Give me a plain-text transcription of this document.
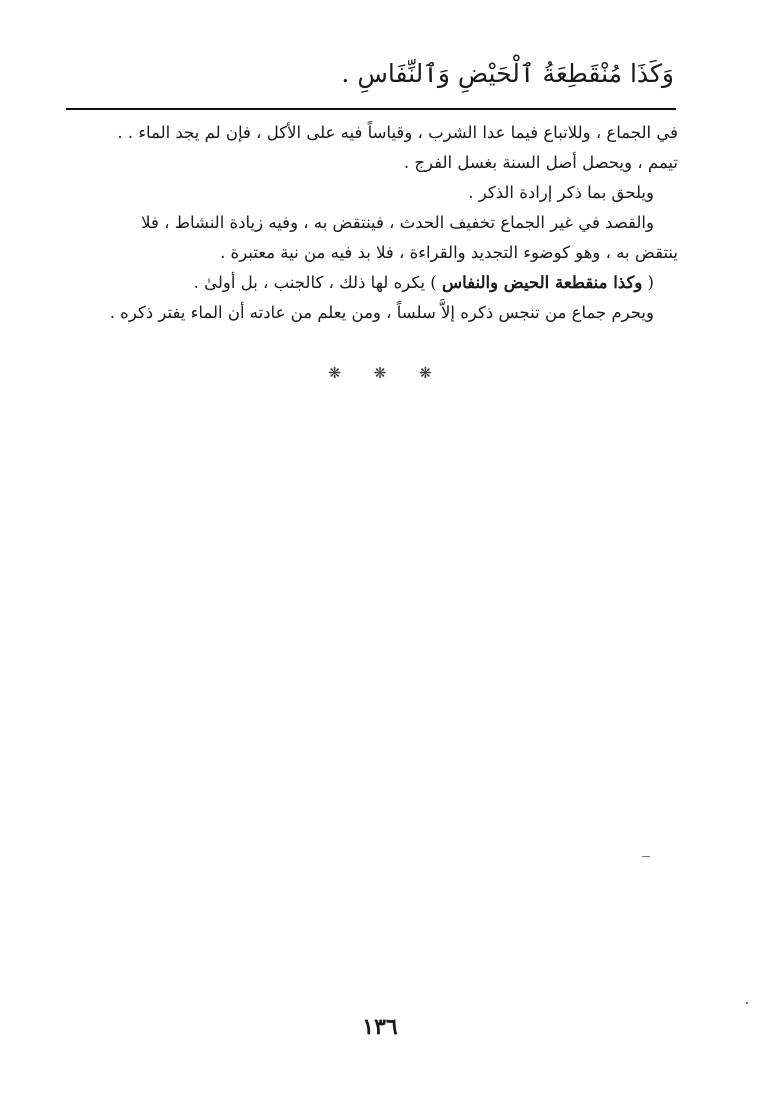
وَكَذَا مُنْقَطِعَةُ ٱلْحَيْضِ وَٱلنِّفَاسِ .

في الجماع ، وللاتباع فيما عدا الشرب ، وقياساً فيه على الأكل ، فإن لم يجد الماء . .

تيمم ، ويحصل أصل السنة بغسل الفرج .

ويلحق بما ذكر إرادة الذكر .

والقصد في غير الجماع تخفيف الحدث ، فينتقض به ، وفيه زيادة النشاط ، فلا

ينتقض به ، وهو كوضوء التجديد والقراءة ، فلا بد فيه من نية معتبرة .

( وكذا منقطعة الحيض والنفاس ) يكره لها ذلك ، كالجنب ، بل أولىٰ .

ويحرم جماع من تنجس ذكره إلاَّ سلساً ، ومن يعلم من عادته أن الماء يفتر ذكره .

❋ ❋ ❋
١٣٦
